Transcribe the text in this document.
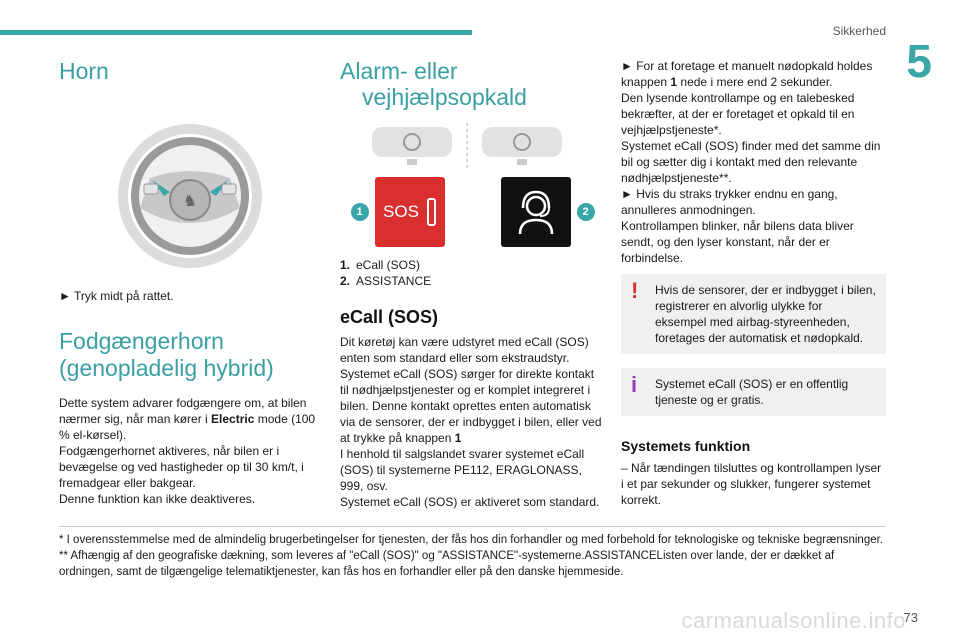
Sikkerhed
5
Horn
♞

► Tryk midt på rattet.

Fodgængerhorn
(genopladelig hybrid)

Dette system advarer fodgængere om, at bilen nærmer sig, når man kører i Electric mode (100 % el-kørsel).

Fodgængerhornet aktiveres, når bilen er i bevægelse og ved hastigheder op til 30 km/t, i fremadgear eller bakgear.

Denne funktion kan ikke deaktiveres.

Alarm- eller
vejhjælpsopkald
1	SOS	2
1. eCall (SOS)
2. ASSISTANCE
eCall (SOS)

Dit køretøj kan være udstyret med eCall (SOS) enten som standard eller som ekstraudstyr. Systemet eCall (SOS) sørger for direkte kontakt til nødhjælpstjenester og er komplet integreret i bilen. Denne kontakt oprettes enten automatisk via de sensorer, der er indbygget i bilen, eller ved at trykke på knappen 1

I henhold til salgslandet svarer systemet eCall (SOS) til systemerne PE112, ERAGLONASS, 999, osv.

Systemet eCall (SOS) er aktiveret som standard.

► For at foretage et manuelt nødopkald holdes knappen 1 nede i mere end 2 sekunder.

Den lysende kontrollampe og en talebesked bekræfter, at der er foretaget et opkald til en vejhjælpstjeneste*.

Systemet eCall (SOS) finder med det samme din bil og sætter dig i kontakt med den relevante nødhjælpstjeneste**.

► Hvis du straks trykker endnu en gang, annulleres anmodningen.

Kontrollampen blinker, når bilens data bliver sendt, og den lyser konstant, når der er forbindelse.

!	Hvis de sensorer, der er indbygget i bilen, registrerer en alvorlig ulykke for eksempel med airbag-styreenheden, foretages der automatisk et nødopkald.
i	Systemet eCall (SOS) er en offentlig tjeneste og er gratis.
Systemets funktion

– Når tændingen tilsluttes og kontrollampen lyser i et par sekunder og slukker, fungerer systemet korrekt.

* I overensstemmelse med de almindelig brugerbetingelser for tjenesten, der fås hos din forhandler og med forbehold for teknologiske og tekniske begrænsninger.
** Afhængig af den geografiske dækning, som leveres af "eCall (SOS)" og "ASSISTANCE"-systemerne.ASSISTANCEListen over lande, der er dækket af ordningen, samt de tilgængelige telematiktjenester, kan fås hos en forhandler eller på den danske hjemmeside.
carmanualsonline.info
73
